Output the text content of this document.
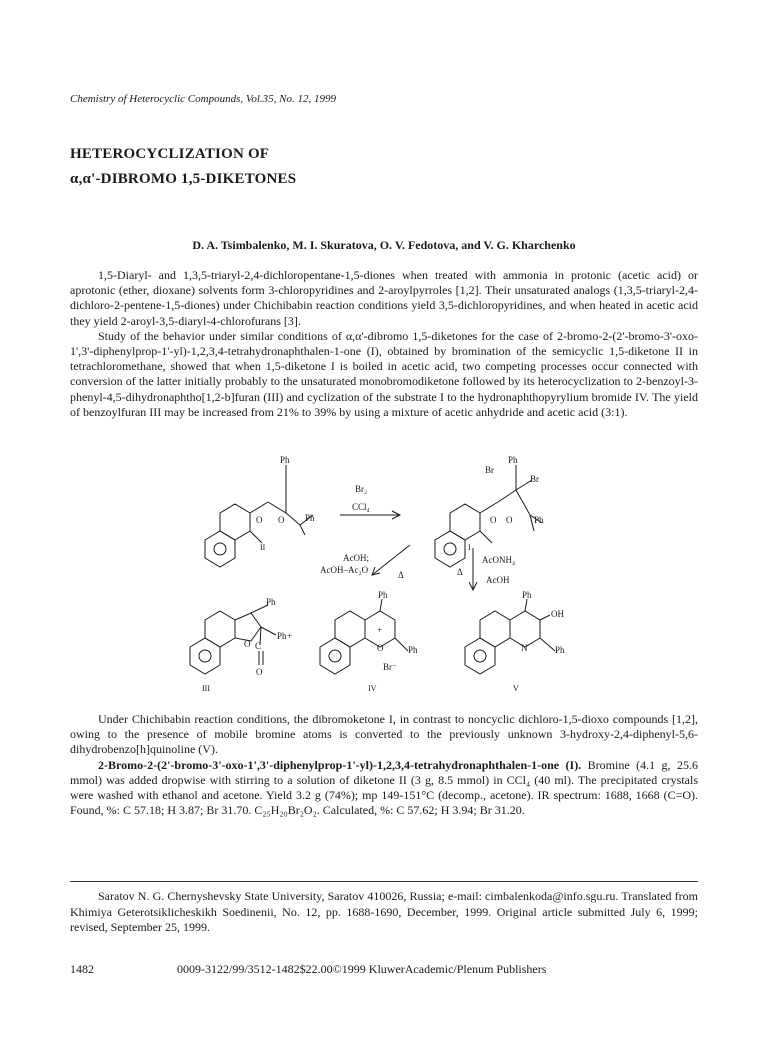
Chemistry of Heterocyclic Compounds, Vol.35, No. 12, 1999
HETEROCYCLIZATION OF
α,α'-DIBROMO 1,5-DIKETONES
D. A. Tsimbalenko, M. I. Skuratova, O. V. Fedotova, and V. G. Kharchenko

1,5-Diaryl- and 1,3,5-triaryl-2,4-dichloropentane-1,5-diones when treated with ammonia in protonic (acetic acid) or aprotonic (ether, dioxane) solvents form 3-chloropyridines and 2-aroylpyrroles [1,2]. Their unsaturated analogs (1,3,5-triaryl-2,4-dichloro-2-pentene-1,5-diones) under Chichibabin reaction conditions yield 3,5-dichloropyridines, and when heated in acetic acid they yield 2-aroyl-3,5-diaryl-4-chlorofurans [3].

Study of the behavior under similar conditions of α,α'-dibromo 1,5-diketones for the case of 2-bromo-2-(2'-bromo-3'-oxo-1',3'-diphenylprop-1'-yl)-1,2,3,4-tetrahydronaphthalen-1-one (I), obtained by bromination of the semicyclic 1,5-diketone II in tetrachloromethane, showed that when 1,5-diketone I is boiled in acetic acid, two competing processes occur connected with conversion of the latter initially probably to the unsaturated monobromodiketone followed by its heterocyclization to 2-benzoyl-3-phenyl-4,5-dihydronaphtho[1,2-b]furan (III) and cyclization of the substrate I to the hydronaphthopyrylium bromide IV. The yield of benzoylfuran III may be increased from 21% to 39% by using a mixture of acetic anhydride and acetic acid (3:1).

Ph
Ph
O O
II
Br₂
CCl₄
Ph
Br
Br
Ph
O O
I
AcOH;
AcOH–Ac₂O	Δ	Δ
AcONH₄
AcOH
Ph
O
Ph +
C
O
III
Ph
+
O	Ph
Br⁻
IV
Ph
OH
N	Ph
V

Under Chichibabin reaction conditions, the dibromoketone I, in contrast to noncyclic dichloro-1,5-dioxo compounds [1,2], owing to the presence of mobile bromine atoms is converted to the previously unknown 3-hydroxy-2,4-diphenyl-5,6-dihydrobenzo[h]quinoline (V).

2-Bromo-2-(2'-bromo-3'-oxo-1',3'-diphenylprop-1'-yl)-1,2,3,4-tetrahydronaphthalen-1-one (I). Bromine (4.1 g, 25.6 mmol) was added dropwise with stirring to a solution of diketone II (3 g, 8.5 mmol) in CCl₄ (40 ml). The precipitated crystals were washed with ethanol and acetone. Yield 3.2 g (74%); mp 149-151°C (decomp., acetone). IR spectrum: 1688, 1668 (C=O). Found, %: C 57.18; H 3.87; Br 31.70. C₂₅H₂₀Br₂O₂. Calculated, %: C 57.62; H 3.94; Br 31.20.

Saratov N. G. Chernyshevsky State University, Saratov 410026, Russia; e-mail: cimbalenkoda@info.sgu.ru. Translated from Khimiya Geterotsiklicheskikh Soedinenii, No. 12, pp. 1688-1690, December, 1999. Original article submitted July 6, 1999; revised, September 25, 1999.

1482	0009-3122/99/3512-1482$22.00©1999 KluwerAcademic/Plenum Publishers
